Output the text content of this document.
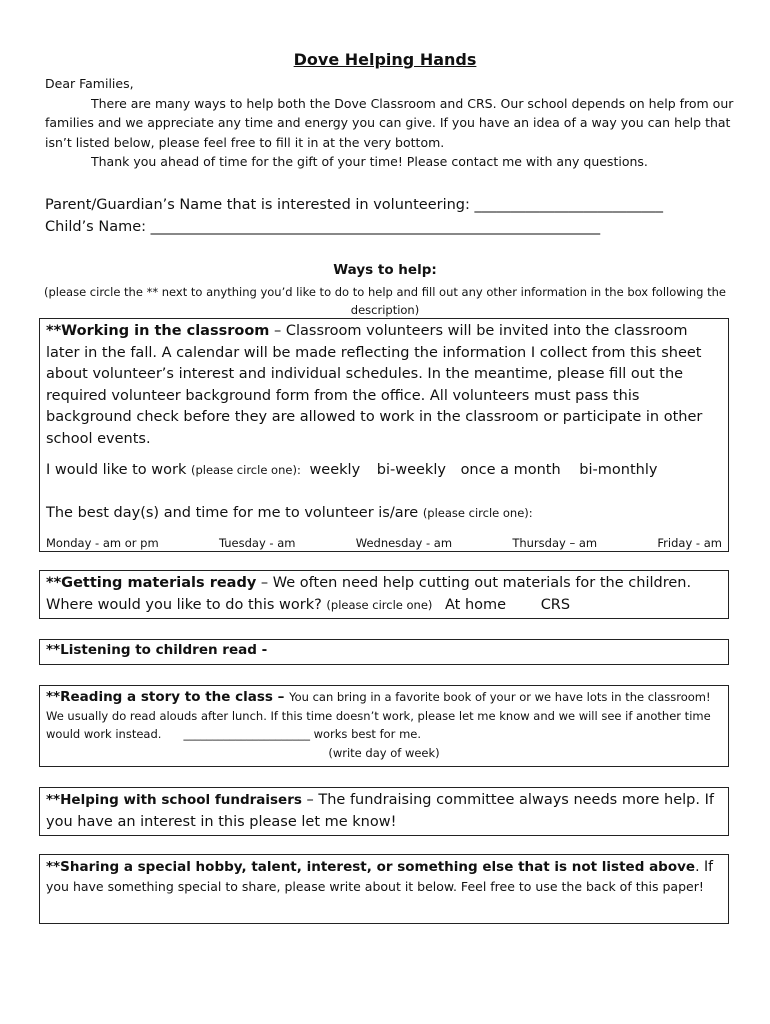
Dove Helping Hands
Dear Families,
There are many ways to help both the Dove Classroom and CRS. Our school depends on help from our families and we appreciate any time and energy you can give. If you have an idea of a way you can help that isn’t listed below, please feel free to fill it in at the very bottom.
Thank you ahead of time for the gift of your time! Please contact me with any questions.
Parent/Guardian’s Name that is interested in volunteering: __________________________
Child’s Name: ______________________________________________________________
Ways to help:
(please circle the ** next to anything you’d like to do to help and fill out any other information in the box following the description)
**Working in the classroom – Classroom volunteers will be invited into the classroom later in the fall. A calendar will be made reflecting the information I collect from this sheet about volunteer’s interest and individual schedules. In the meantime, please fill out the required volunteer background form from the office. All volunteers must pass this background check before they are allowed to work in the classroom or participate in other school events.
I would like to work (please circle one): weekly bi-weekly once a month bi-monthly
The best day(s) and time for me to volunteer is/are (please circle one):
Monday - am or pm	Tuesday - am	Wednesday - am	Thursday – am	Friday - am
**Getting materials ready – We often need help cutting out materials for the children.
Where would you like to do this work? (please circle one) At home CRS
**Listening to children read -
**Reading a story to the class – You can bring in a favorite book of your or we have lots in the classroom! We usually do read alouds after lunch. If this time doesn’t work, please let me know and we will see if another time would work instead. ______________________ works best for me.
(write day of week)
**Helping with school fundraisers – The fundraising committee always needs more help. If you have an interest in this please let me know!
**Sharing a special hobby, talent, interest, or something else that is not listed above. If you have something special to share, please write about it below. Feel free to use the back of this paper!
